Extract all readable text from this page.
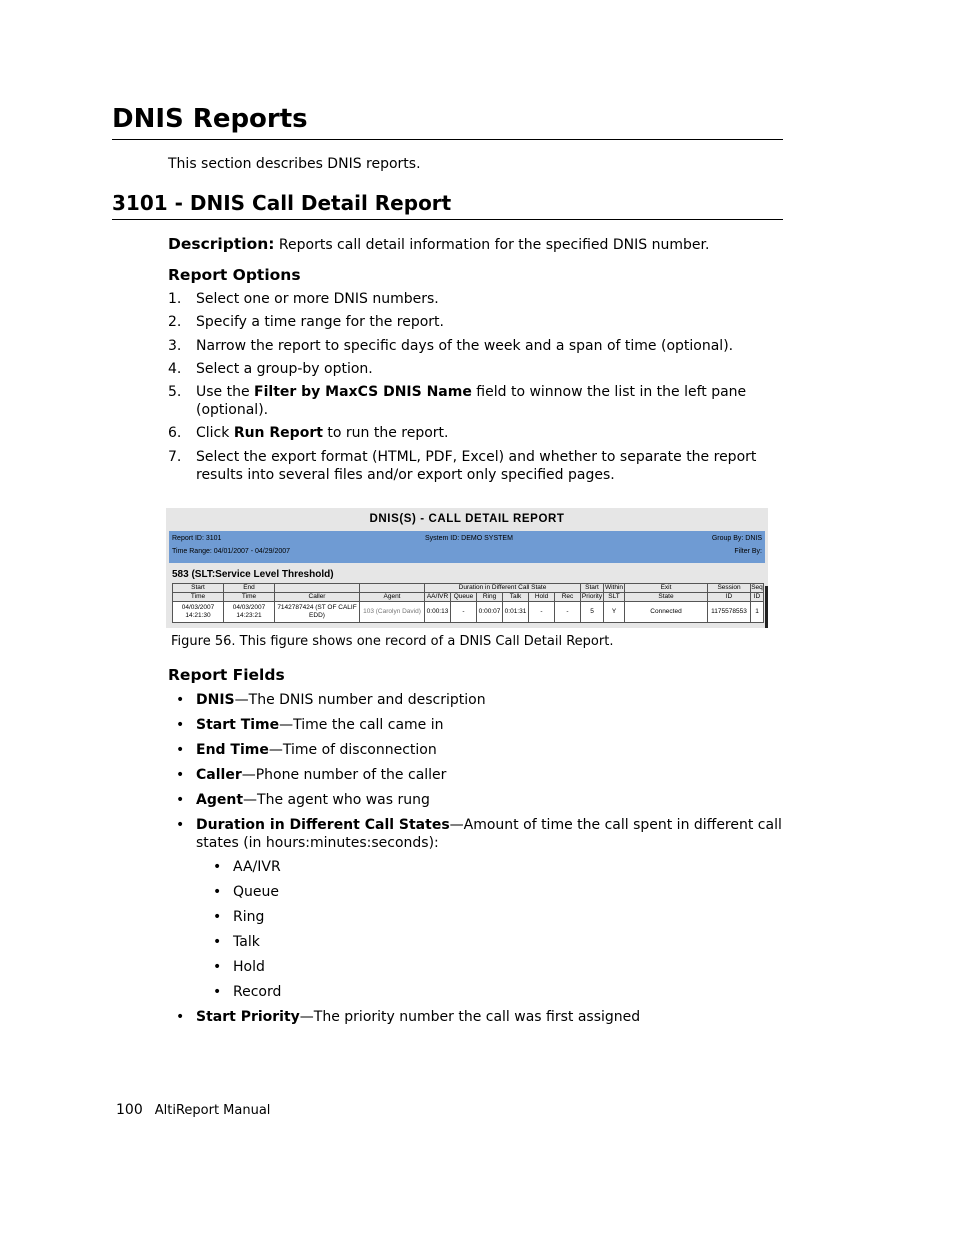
DNIS Reports
This section describes DNIS reports.
3101 - DNIS Call Detail Report
Description: Reports call detail information for the specified DNIS number.
Report Options
1. Select one or more DNIS numbers.
2. Specify a time range for the report.
3. Narrow the report to specific days of the week and a span of time (optional).
4. Select a group-by option.
5. Use the Filter by MaxCS DNIS Name field to winnow the list in the left pane (optional).
6. Click Run Report to run the report.
7. Select the export format (HTML, PDF, Excel) and whether to separate the report results into several files and/or export only specified pages.
DNIS(S) - CALL DETAIL REPORT
Report ID: 3101	System ID: DEMO SYSTEM	Group By: DNIS
Time Range: 04/01/2007 - 04/29/2007	Filter By:
583 (SLT:Service Level Threshold)
Start	End			Duration in Different Call State						Start	Within	Exit	Session	Seq
Time	Time	Caller	Agent	AA/IVR	Queue	Ring	Talk	Hold	Rec	Priority	SLT	State	ID	ID
04/03/2007 14:21:30	04/03/2007 14:23:21	7142787424 (ST OF CALIF EDD)	103 (Carolyn David)	0:00:13	-	0:00:07	0:01:31	-	-	5	Y	Connected	1175578553	1
Figure 56. This figure shows one record of a DNIS Call Detail Report.
Report Fields
• DNIS—The DNIS number and description
• Start Time—Time the call came in
• End Time—Time of disconnection
• Caller—Phone number of the caller
• Agent—The agent who was rung
• Duration in Different Call States—Amount of time the call spent in different call states (in hours:minutes:seconds):
• AA/IVR
• Queue
• Ring
• Talk
• Hold
• Record
• Start Priority—The priority number the call was first assigned
100 AltiReport Manual
